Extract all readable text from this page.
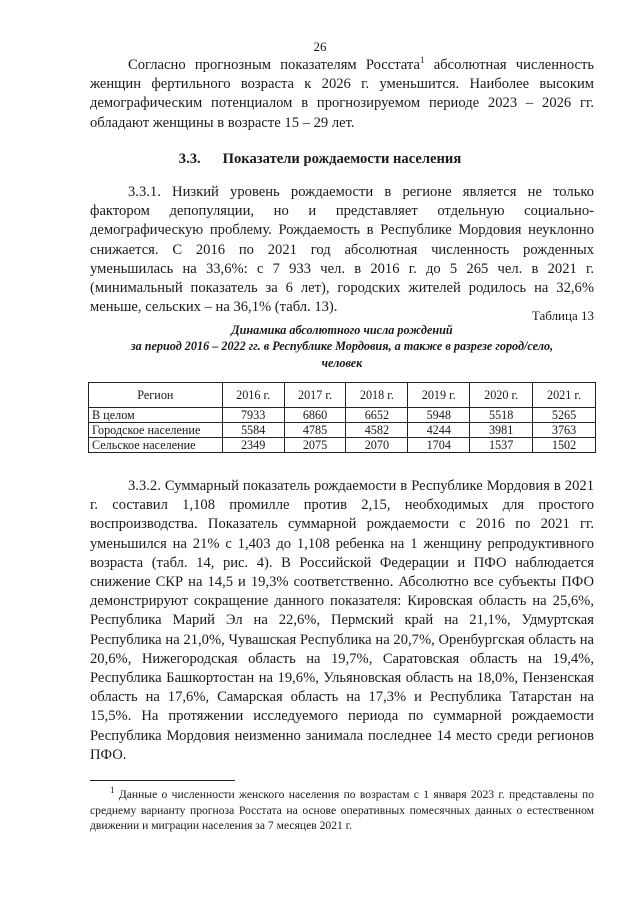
26

Согласно прогнозным показателям Росстата$^1$ абсолютная численность женщин фертильного возраста к 2026 г. уменьшится. Наиболее высоким демографическим потенциалом в прогнозируемом периоде 2023 – 2026 гг. обладают женщины в возрасте 15 – 29 лет.

3.3. Показатели рождаемости населения

3.3.1. Низкий уровень рождаемости в регионе является не только фактором депопуляции, но и представляет отдельную социально-демографическую проблему. Рождаемость в Республике Мордовия неуклонно снижается. С 2016 по 2021 год абсолютная численность рожденных уменьшилась на 33,6%: с 7 933 чел. в 2016 г. до 5 265 чел. в 2021 г. (минимальный показатель за 6 лет), городских жителей родилось на 32,6% меньше, сельских – на 36,1% (табл. 13).

Таблица 13
Динамика абсолютного числа рождений
за период 2016 – 2022 гг. в Республике Мордовия, а также в разрезе город/село,
человек
Регион	2016 г.	2017 г.	2018 г.	2019 г.	2020 г.	2021 г.
В целом	7933	6860	6652	5948	5518	5265
Городское население	5584	4785	4582	4244	3981	3763
Сельское население	2349	2075	2070	1704	1537	1502

3.3.2. Суммарный показатель рождаемости в Республике Мордовия в 2021 г. составил 1,108 промилле против 2,15, необходимых для простого воспроизводства. Показатель суммарной рождаемости с 2016 по 2021 гг. уменьшился на 21% с 1,403 до 1,108 ребенка на 1 женщину репродуктивного возраста (табл. 14, рис. 4). В Российской Федерации и ПФО наблюдается снижение СКР на 14,5 и 19,3% соответственно. Абсолютно все субъекты ПФО демонстрируют сокращение данного показателя: Кировская область на 25,6%, Республика Марий Эл на 22,6%, Пермский край на 21,1%, Удмуртская Республика на 21,0%, Чувашская Республика на 20,7%, Оренбургская область на 20,6%, Нижегородская область на 19,7%, Саратовская область на 19,4%, Республика Башкортостан на 19,6%, Ульяновская область на 18,0%, Пензенская область на 17,6%, Самарская область на 17,3% и Республика Татарстан на 15,5%. На протяжении исследуемого периода по суммарной рождаемости Республика Мордовия неизменно занимала последнее 14 место среди регионов ПФО.

$^1$ Данные о численности женского населения по возрастам с 1 января 2023 г. представлены по среднему варианту прогноза Росстата на основе оперативных помесячных данных о естественном движении и миграции населения за 7 месяцев 2021 г.
